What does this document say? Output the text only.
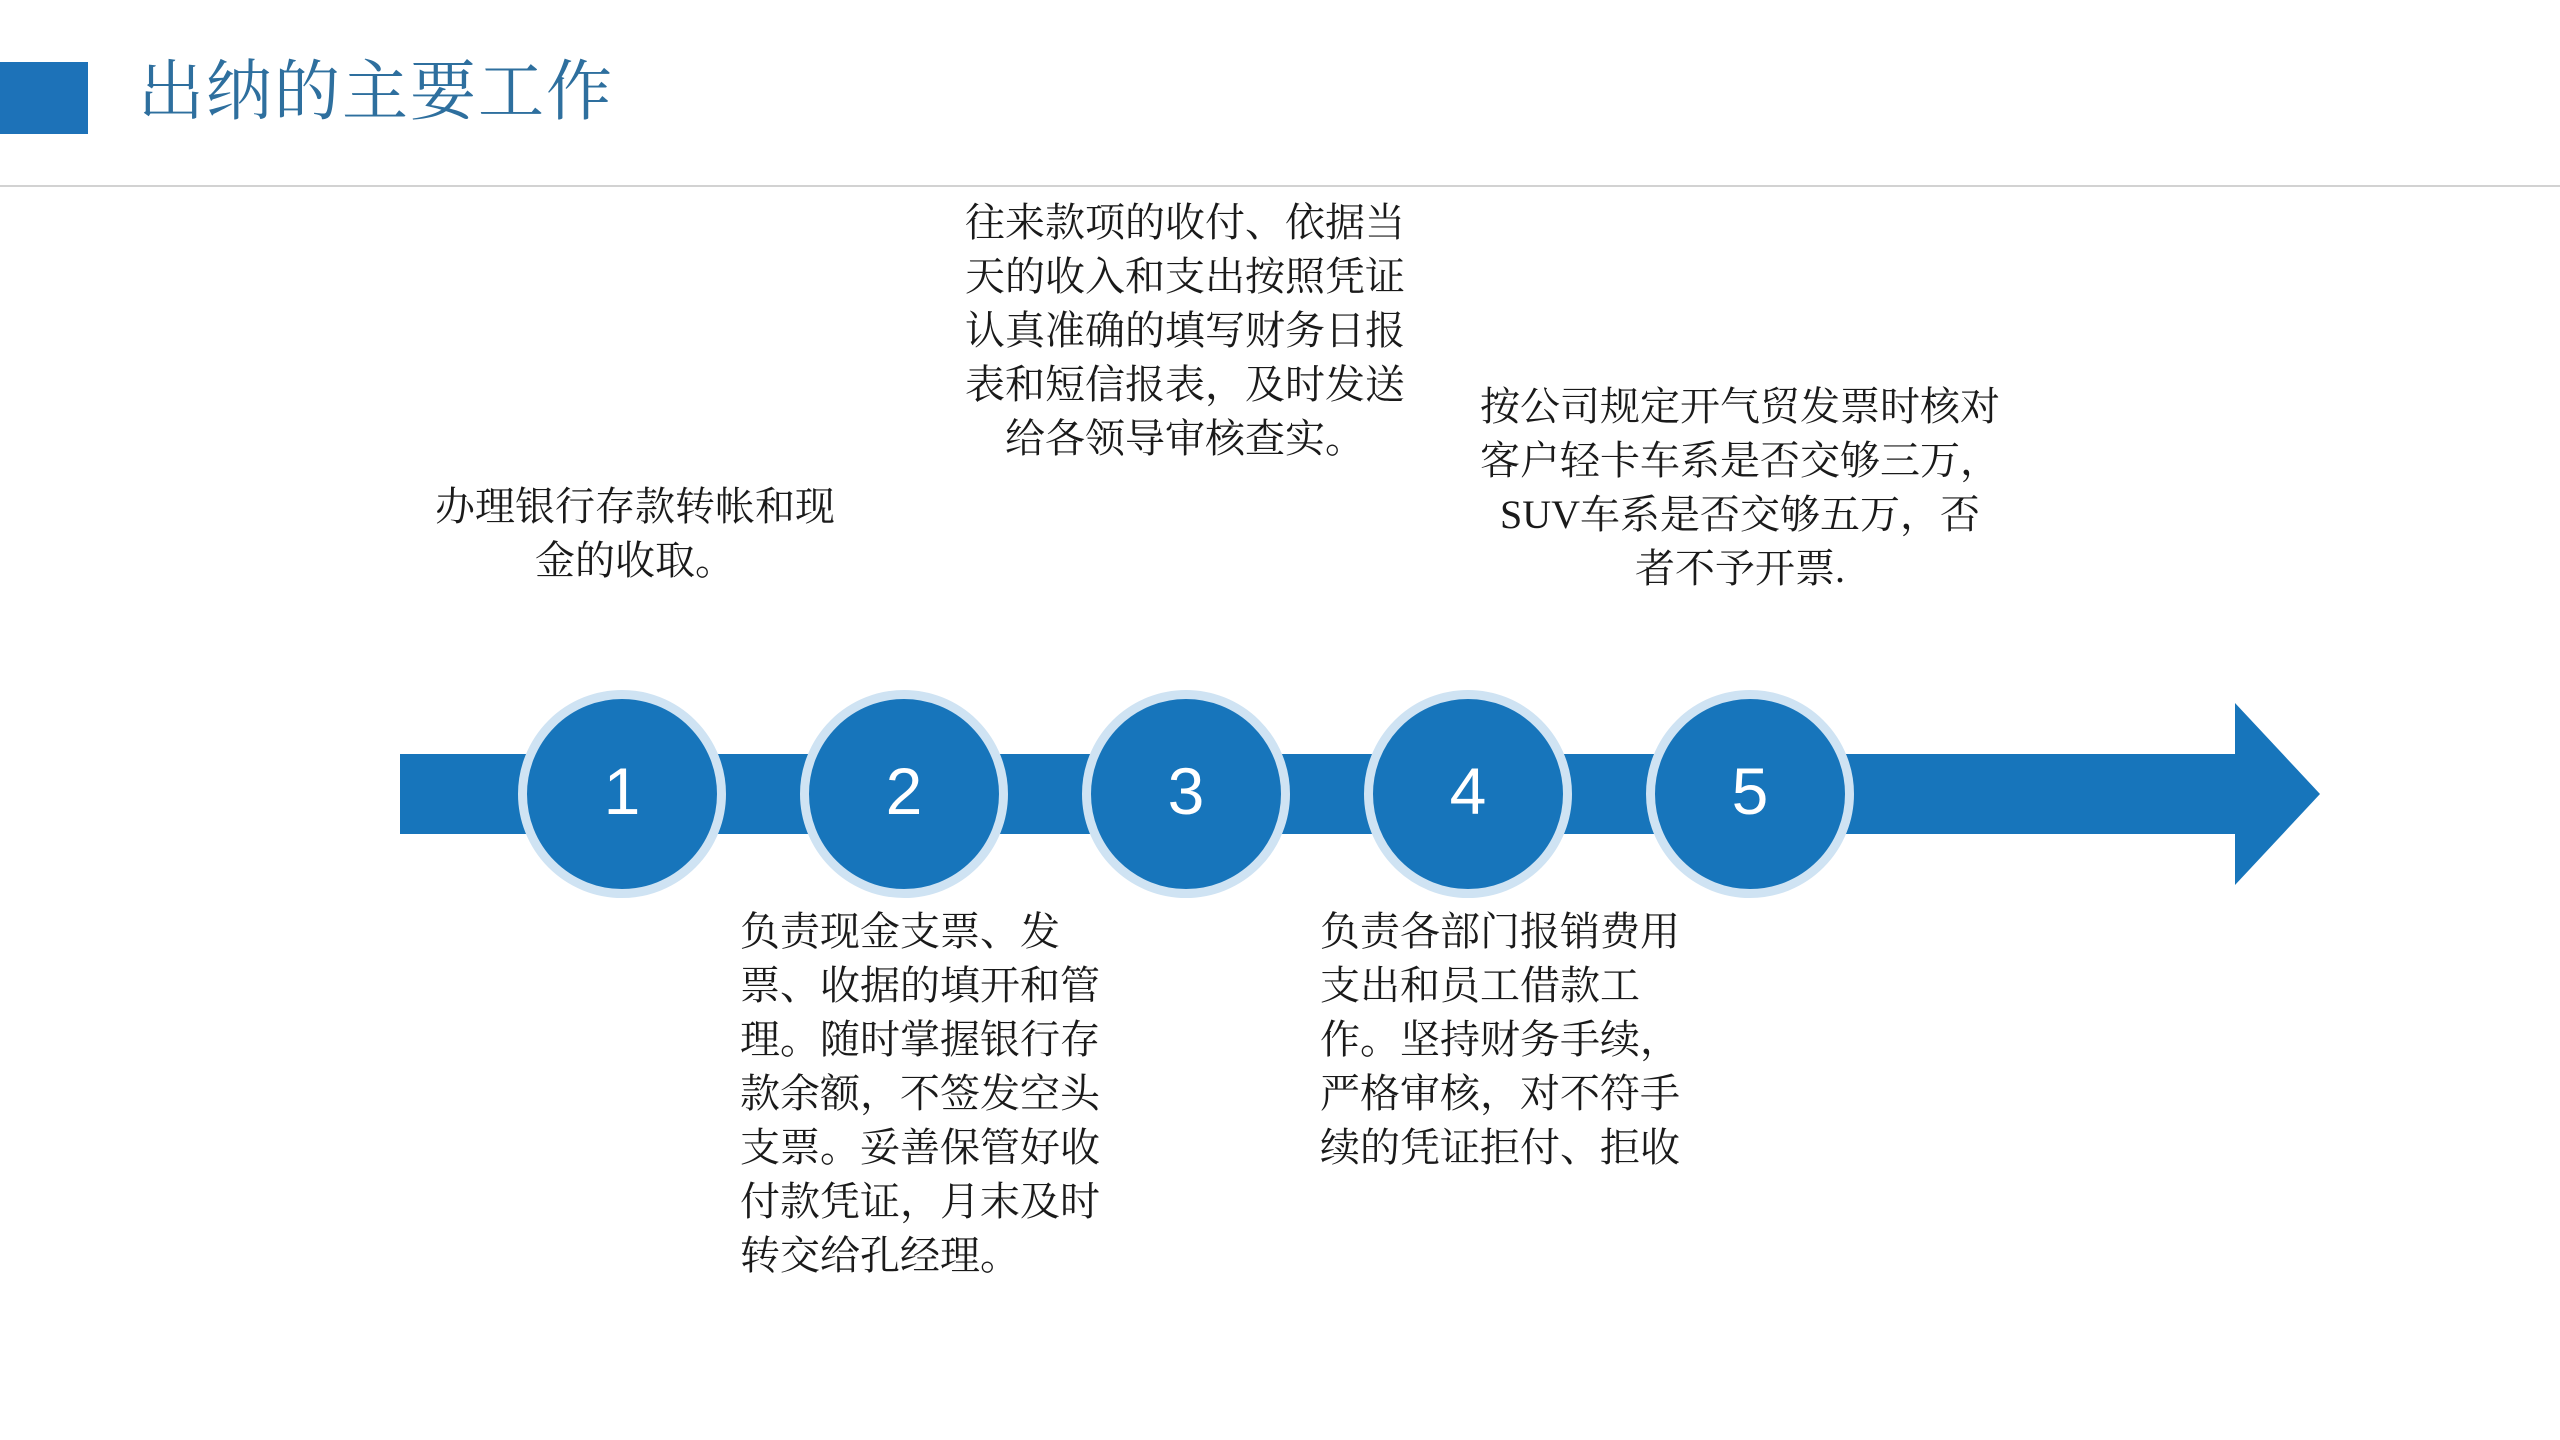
出纳的主要工作
办理银行存款转帐和现金的收取。
往来款项的收付、依据当天的收入和支出按照凭证认真准确的填写财务日报表和短信报表，及时发送给各领导审核查实。
按公司规定开气贸发票时核对客户轻卡车系是否交够三万，SUV车系是否交够五万，否者不予开票.
1	2	3	4	5
负责现金支票、发票、收据的填开和管理。随时掌握银行存款余额，不签发空头支票。妥善保管好收付款凭证，月末及时转交给孔经理。
负责各部门报销费用支出和员工借款工作。坚持财务手续，严格审核，对不符手续的凭证拒付、拒收
